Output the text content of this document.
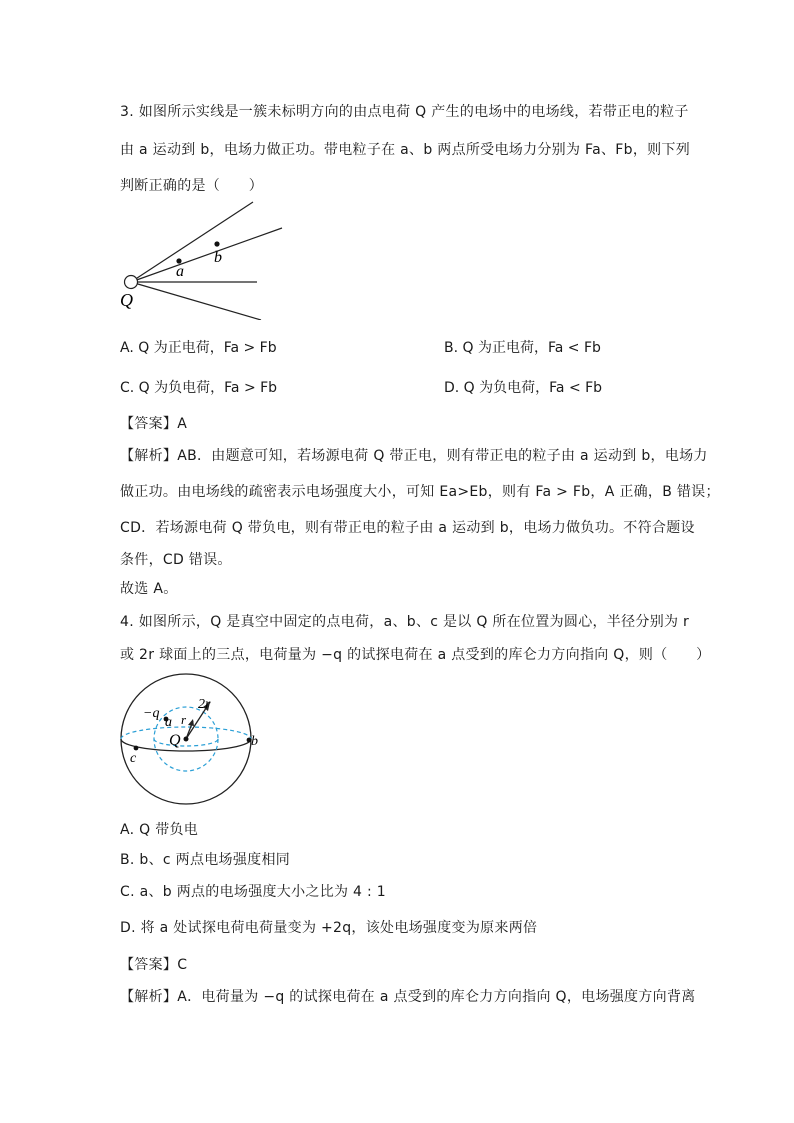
3. 如图所示实线是一簇未标明方向的由点电荷 Q 产生的电场中的电场线，若带正电的粒子
由 a 运动到 b，电场力做正功。带电粒子在 a、b 两点所受电场力分别为 Fa、Fb，则下列
判断正确的是（　　）
a
b
Q
A. Q 为正电荷，Fa > Fb	B. Q 为正电荷，Fa < Fb
C. Q 为负电荷，Fa > Fb	D. Q 为负电荷，Fa < Fb
【答案】A
【解析】AB．由题意可知，若场源电荷 Q 带正电，则有带正电的粒子由 a 运动到 b，电场力
做正功。由电场线的疏密表示电场强度大小，可知 Ea>Eb，则有 Fa > Fb，A 正确，B 错误；
CD．若场源电荷 Q 带负电，则有带正电的粒子由 a 运动到 b，电场力做负功。不符合题设
条件，CD 错误。
故选 A。
4. 如图所示，Q 是真空中固定的点电荷，a、b、c 是以 Q 所在位置为圆心，半径分别为 r
或 2r 球面上的三点，电荷量为 −q 的试探电荷在 a 点受到的库仑力方向指向 Q，则（　　）
−q
a r
2r
Q	b
c
A. Q 带负电
B. b、c 两点电场强度相同
C. a、b 两点的电场强度大小之比为 4 : 1
D. 将 a 处试探电荷电荷量变为 +2q，该处电场强度变为原来两倍
【答案】C
【解析】A．电荷量为 −q 的试探电荷在 a 点受到的库仑力方向指向 Q，电场强度方向背离
